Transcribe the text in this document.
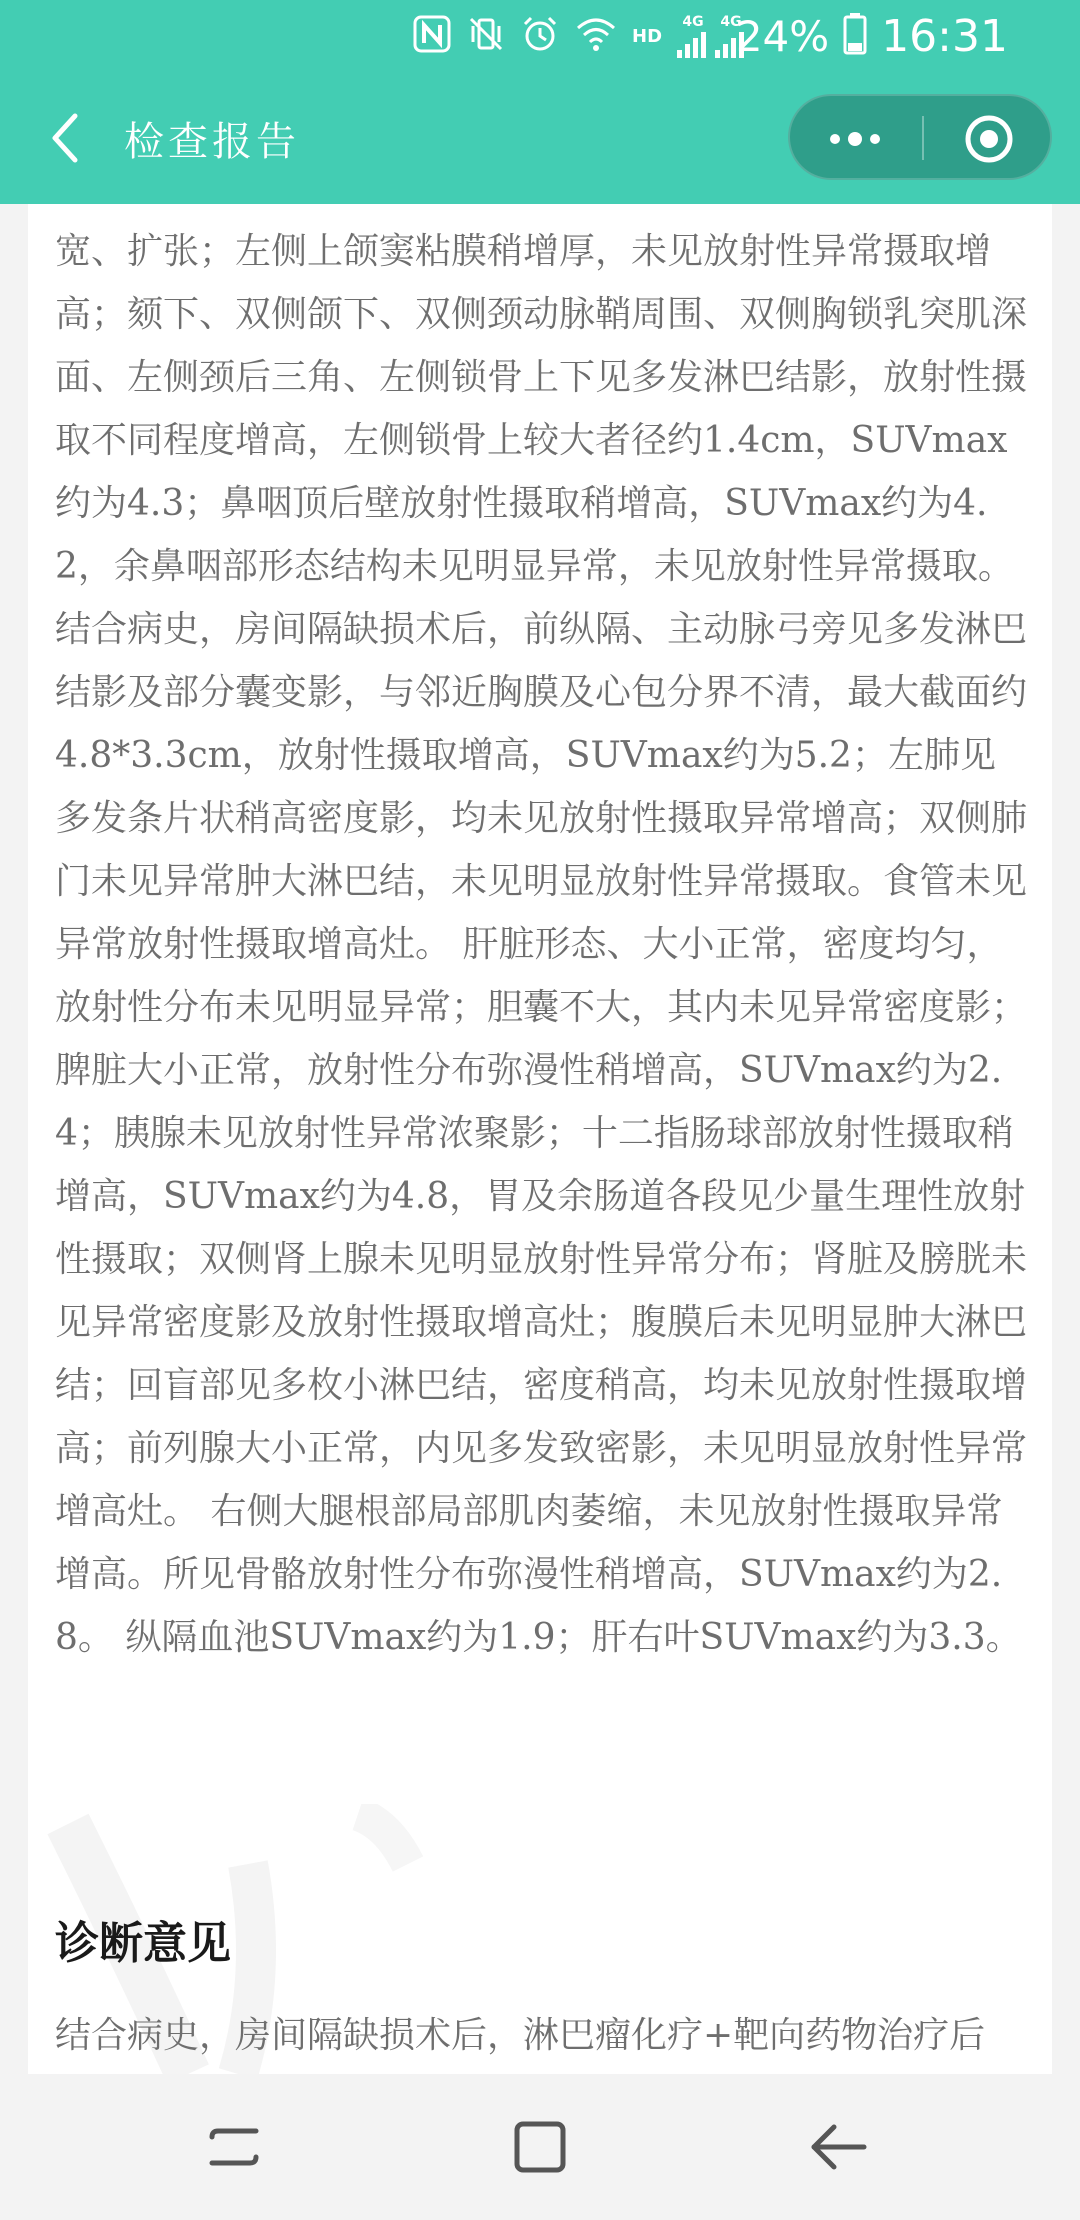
HD
4G 4G
24% 16:31
检查报告

宽、扩张；左侧上颌窦粘膜稍增厚，未见放射性异常摄取增高；颏下、双侧颌下、双侧颈动脉鞘周围、双侧胸锁乳突肌深面、左侧颈后三角、左侧锁骨上下见多发淋巴结影，放射性摄取不同程度增高，左侧锁骨上较大者径约1.4cm，SUVmax约为4.3；鼻咽顶后壁放射性摄取稍增高，SUVmax约为4.2，余鼻咽部形态结构未见明显异常，未见放射性异常摄取。 结合病史，房间隔缺损术后，前纵隔、主动脉弓旁见多发淋巴结影及部分囊变影，与邻近胸膜及心包分界不清，最大截面约4.8*3.3cm，放射性摄取增高，SUVmax约为5.2；左肺见多发条片状稍高密度影，均未见放射性摄取异常增高；双侧肺门未见异常肿大淋巴结，未见明显放射性异常摄取。食管未见异常放射性摄取增高灶。 肝脏形态、大小正常，密度均匀，放射性分布未见明显异常；胆囊不大，其内未见异常密度影；脾脏大小正常，放射性分布弥漫性稍增高，SUVmax约为2.4；胰腺未见放射性异常浓聚影；十二指肠球部放射性摄取稍增高，SUVmax约为4.8，胃及余肠道各段见少量生理性放射性摄取；双侧肾上腺未见明显放射性异常分布；肾脏及膀胱未见异常密度影及放射性摄取增高灶；腹膜后未见明显肿大淋巴结；回盲部见多枚小淋巴结，密度稍高，均未见放射性摄取增高；前列腺大小正常，内见多发致密影，未见明显放射性异常增高灶。 右侧大腿根部局部肌肉萎缩，未见放射性摄取异常增高。所见骨骼放射性分布弥漫性稍增高，SUVmax约为2.8。 纵隔血池SUVmax约为1.9；肝右叶SUVmax约为3.3。

诊断意见

结合病史，房间隔缺损术后，淋巴瘤化疗+靶向药物治疗后
